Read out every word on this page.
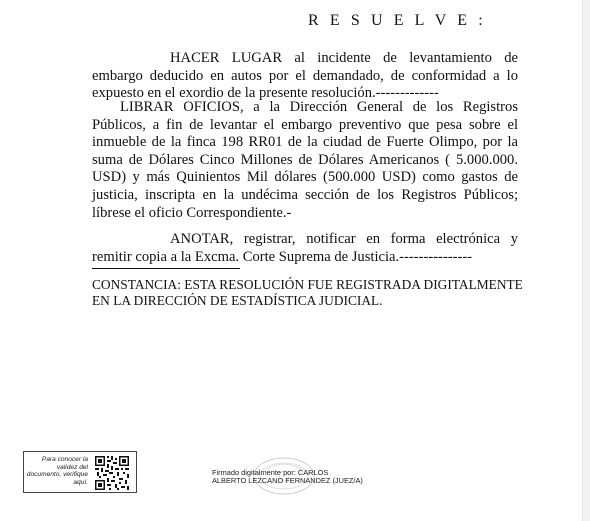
R E S U E L V E :

HACER LUGAR al incidente de levantamiento de embargo deducido en autos por el demandado, de conformidad a lo expuesto en el exordio de la presente resolución.-------------

LIBRAR OFICIOS, a la Dirección General de los Registros Públicos, a fin de levantar el embargo preventivo que pesa sobre el inmueble de la finca 198 RR01 de la ciudad de Fuerte Olimpo, por la suma de Dólares Cinco Millones de Dólares Americanos ( 5.000.000. USD) y más Quinientos Mil dólares (500.000 USD) como gastos de justicia, inscripta en la undécima sección de los Registros Públicos; líbrese el oficio Correspondiente.-

ANOTAR, registrar, notificar en forma electrónica y remitir copia a la Excma. Corte Suprema de Justicia.---------------

CONSTANCIA: ESTA RESOLUCIÓN FUE REGISTRADA DIGITALMENTE EN LA DIRECCIÓN DE ESTADÍSTICA JUDICIAL.

Para conocer la validez del documento, verifique aquí.
Firmado digitalmente por: CARLOS
ALBERTO LEZCANO FERNANDEZ (JUEZ/A)
